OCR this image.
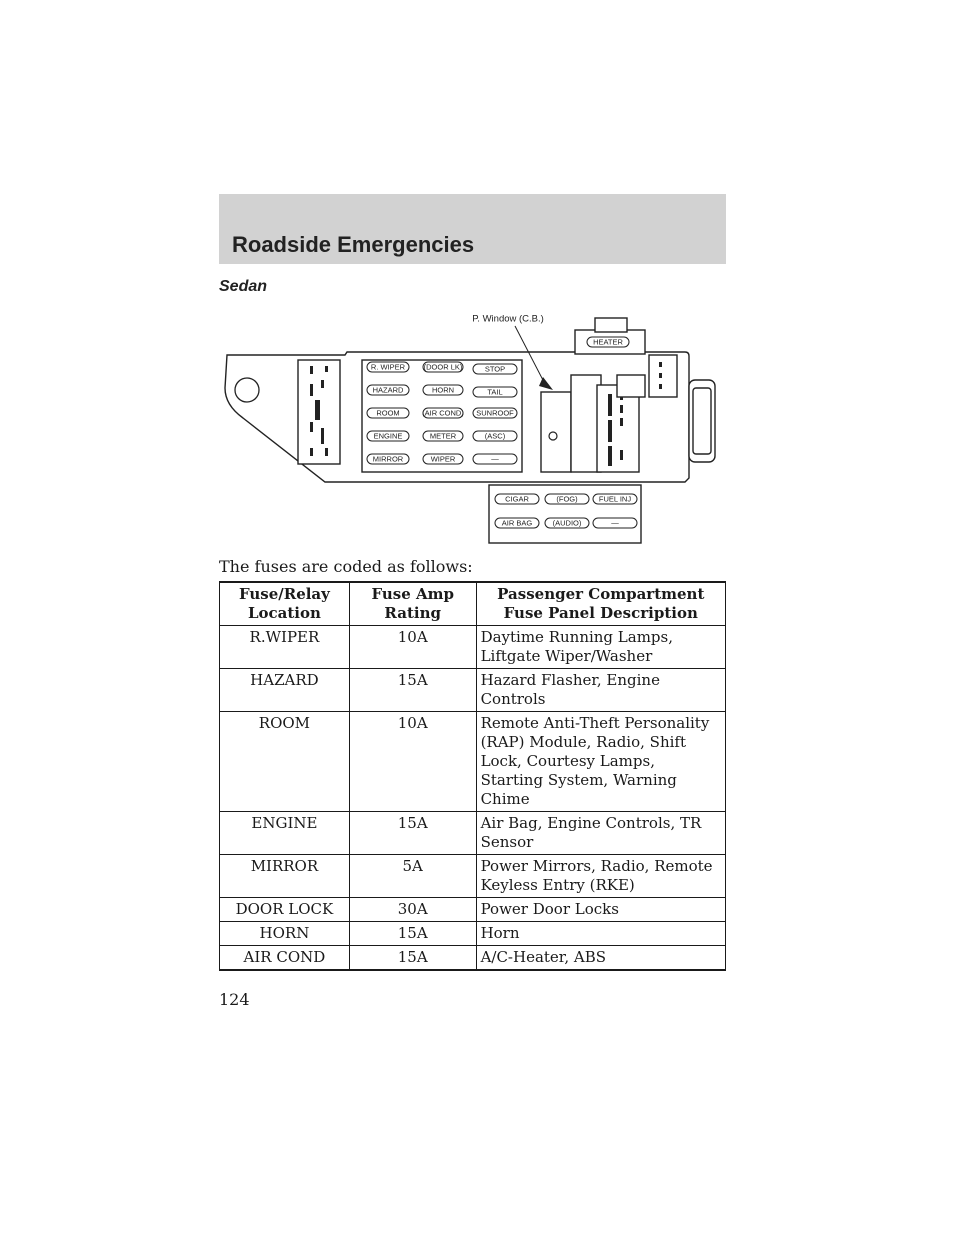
Roadside Emergencies
Sedan
R. WIPER
HAZARD
ROOM
ENGINE
MIRROR
(DOOR LK)
HORN
(AIR COND)
METER
WIPER
STOP
TAIL
SUNROOF
(ASC)
—
HEATER
P. Window (C.B.)
CIGAR	(FOG)	FUEL INJ
AIR BAG	(AUDIO)	—
The fuses are coded as follows:
Fuse/Relay Location	Fuse Amp Rating	Passenger Compartment Fuse Panel Description
R.WIPER	10A	Daytime Running Lamps, Liftgate Wiper/Washer
HAZARD	15A	Hazard Flasher, Engine Controls
ROOM	10A	Remote Anti-Theft Personality (RAP) Module, Radio, Shift Lock, Courtesy Lamps, Starting System, Warning Chime
ENGINE	15A	Air Bag, Engine Controls, TR Sensor
MIRROR	5A	Power Mirrors, Radio, Remote Keyless Entry (RKE)
DOOR LOCK	30A	Power Door Locks
HORN	15A	Horn
AIR COND	15A	A/C-Heater, ABS
124
